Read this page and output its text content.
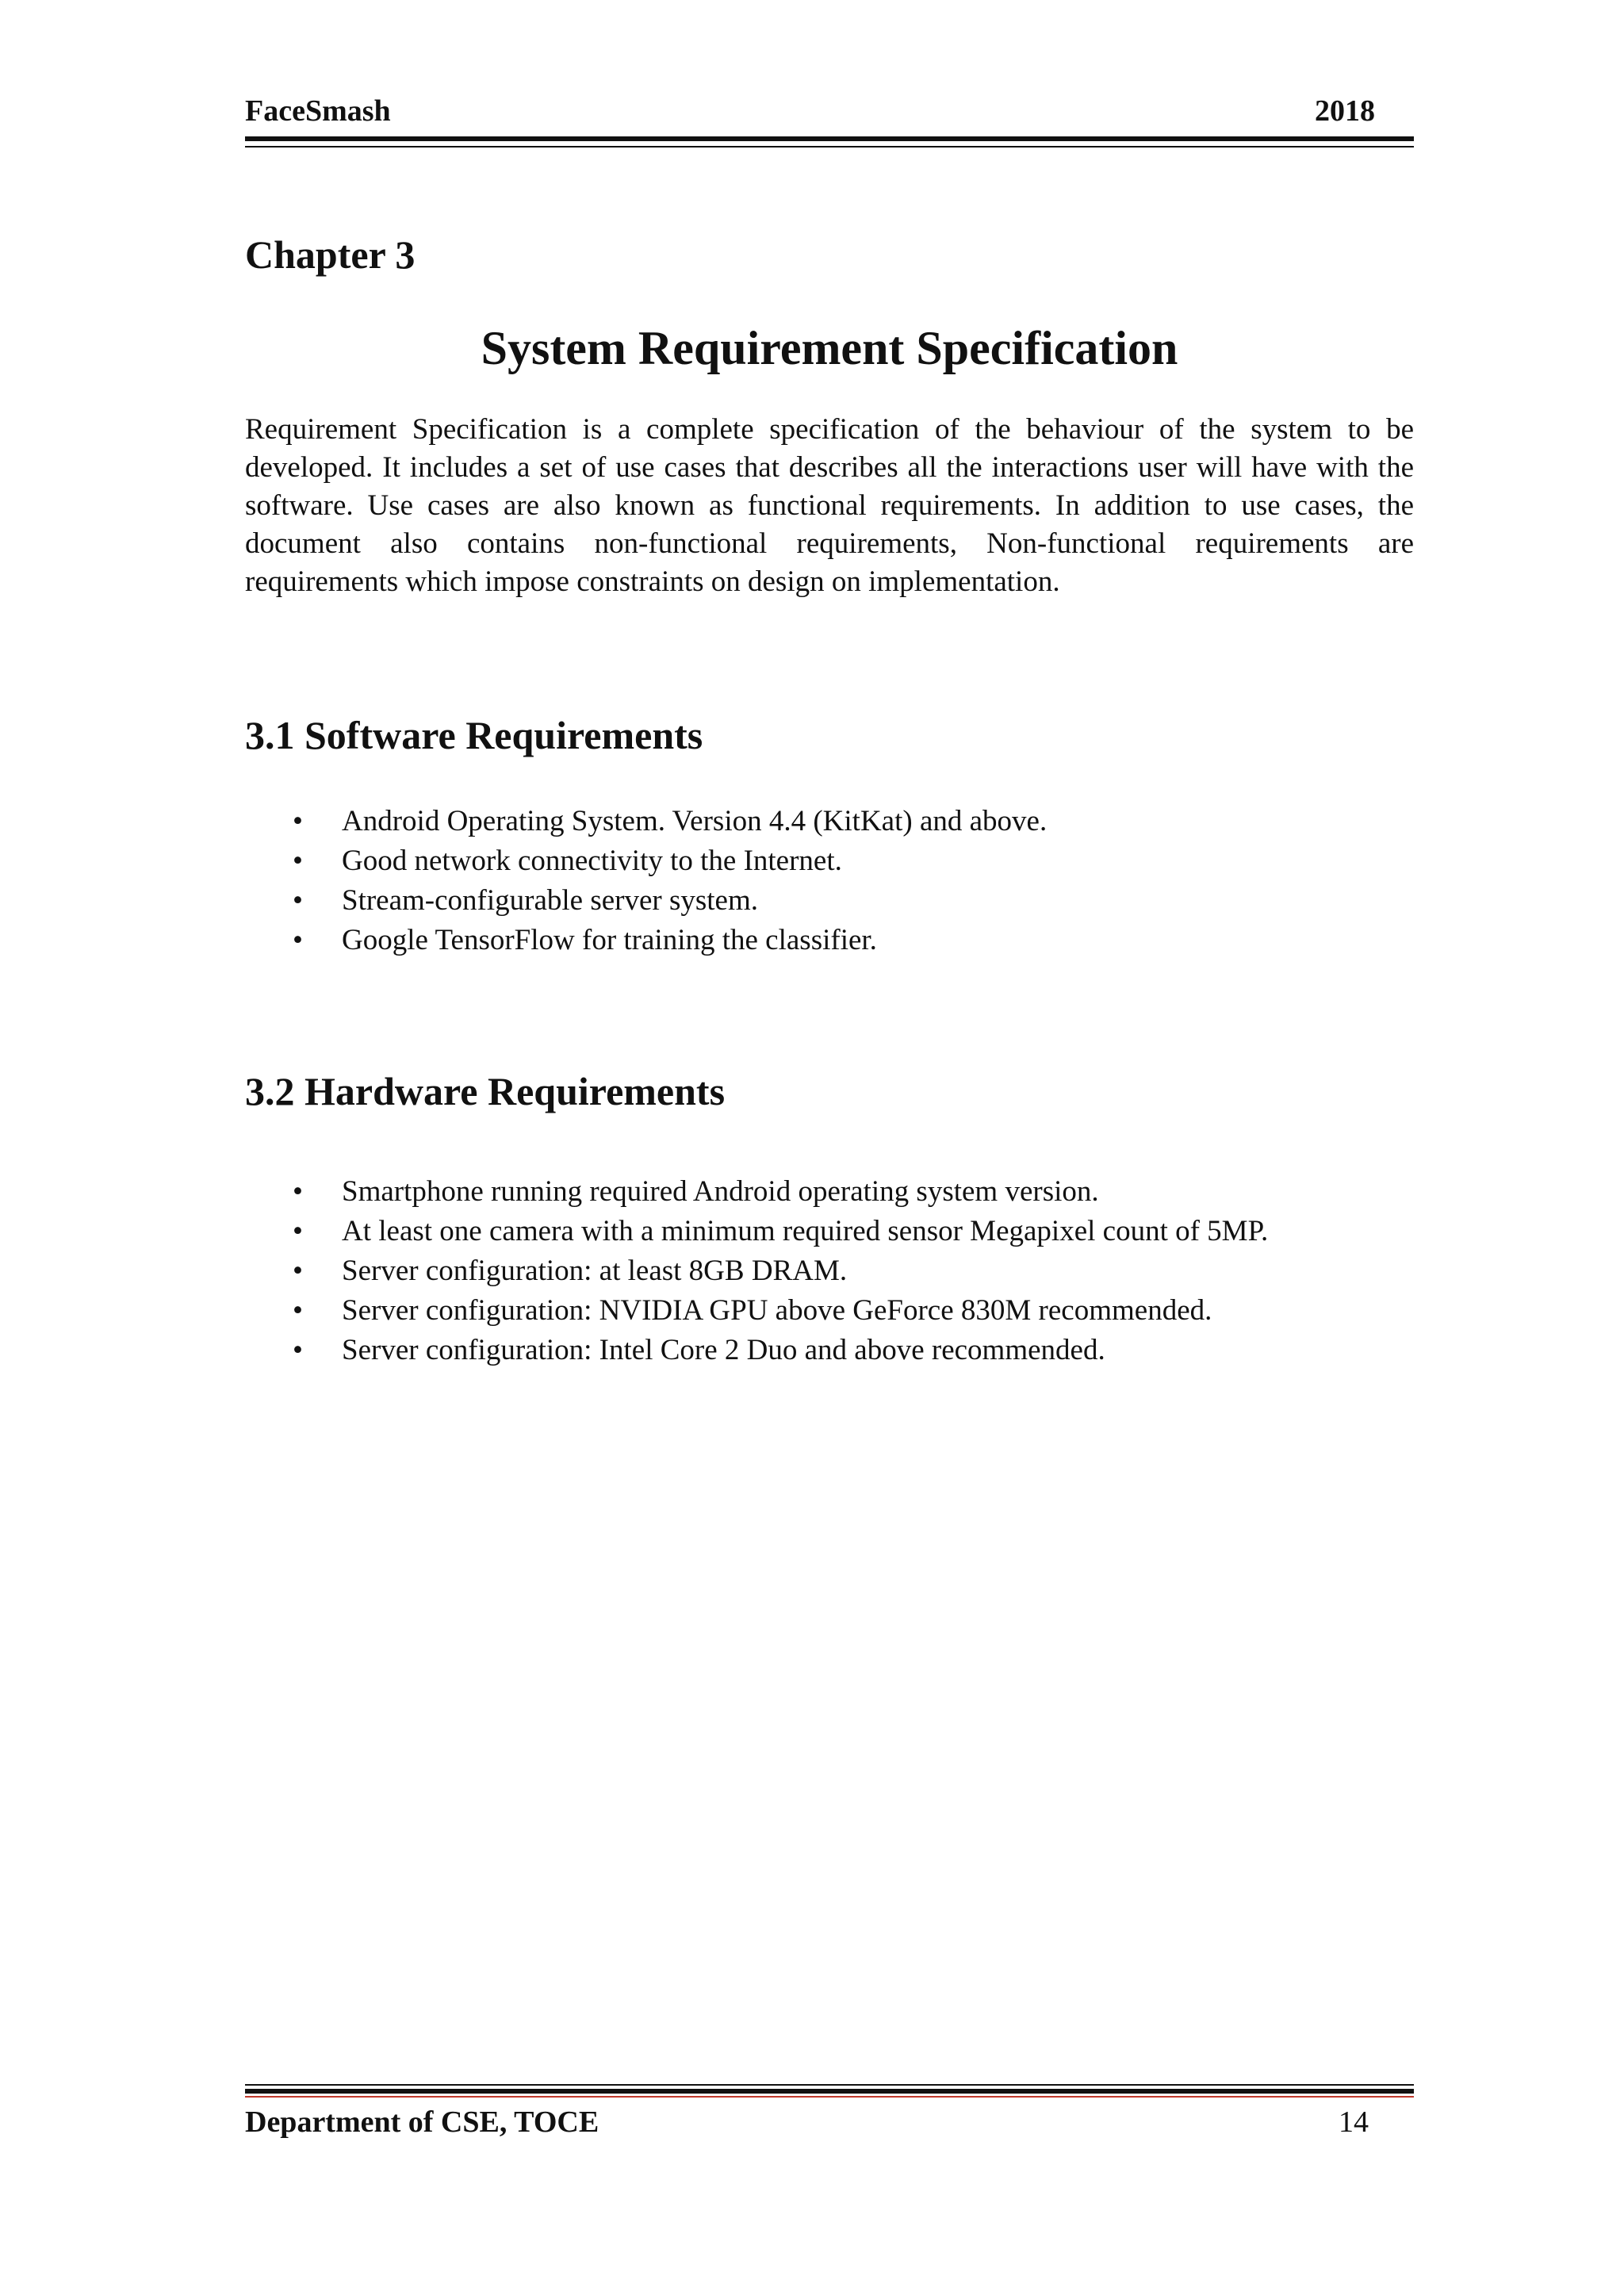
FaceSmash	2018
Chapter 3
System Requirement Specification
Requirement Specification is a complete specification of the behaviour of the system to be developed. It includes a set of use cases that describes all the interactions user will have with the software. Use cases are also known as functional requirements. In addition to use cases, the document also contains non-functional requirements, Non-functional requirements are requirements which impose constraints on design on implementation.
3.1 Software Requirements
• Android Operating System. Version 4.4 (KitKat) and above.
• Good network connectivity to the Internet.
• Stream-configurable server system.
• Google TensorFlow for training the classifier.
3.2 Hardware Requirements
• Smartphone running required Android operating system version.
• At least one camera with a minimum required sensor Megapixel count of 5MP.
• Server configuration: at least 8GB DRAM.
• Server configuration: NVIDIA GPU above GeForce 830M recommended.
• Server configuration: Intel Core 2 Duo and above recommended.
Department of CSE, TOCE	14
